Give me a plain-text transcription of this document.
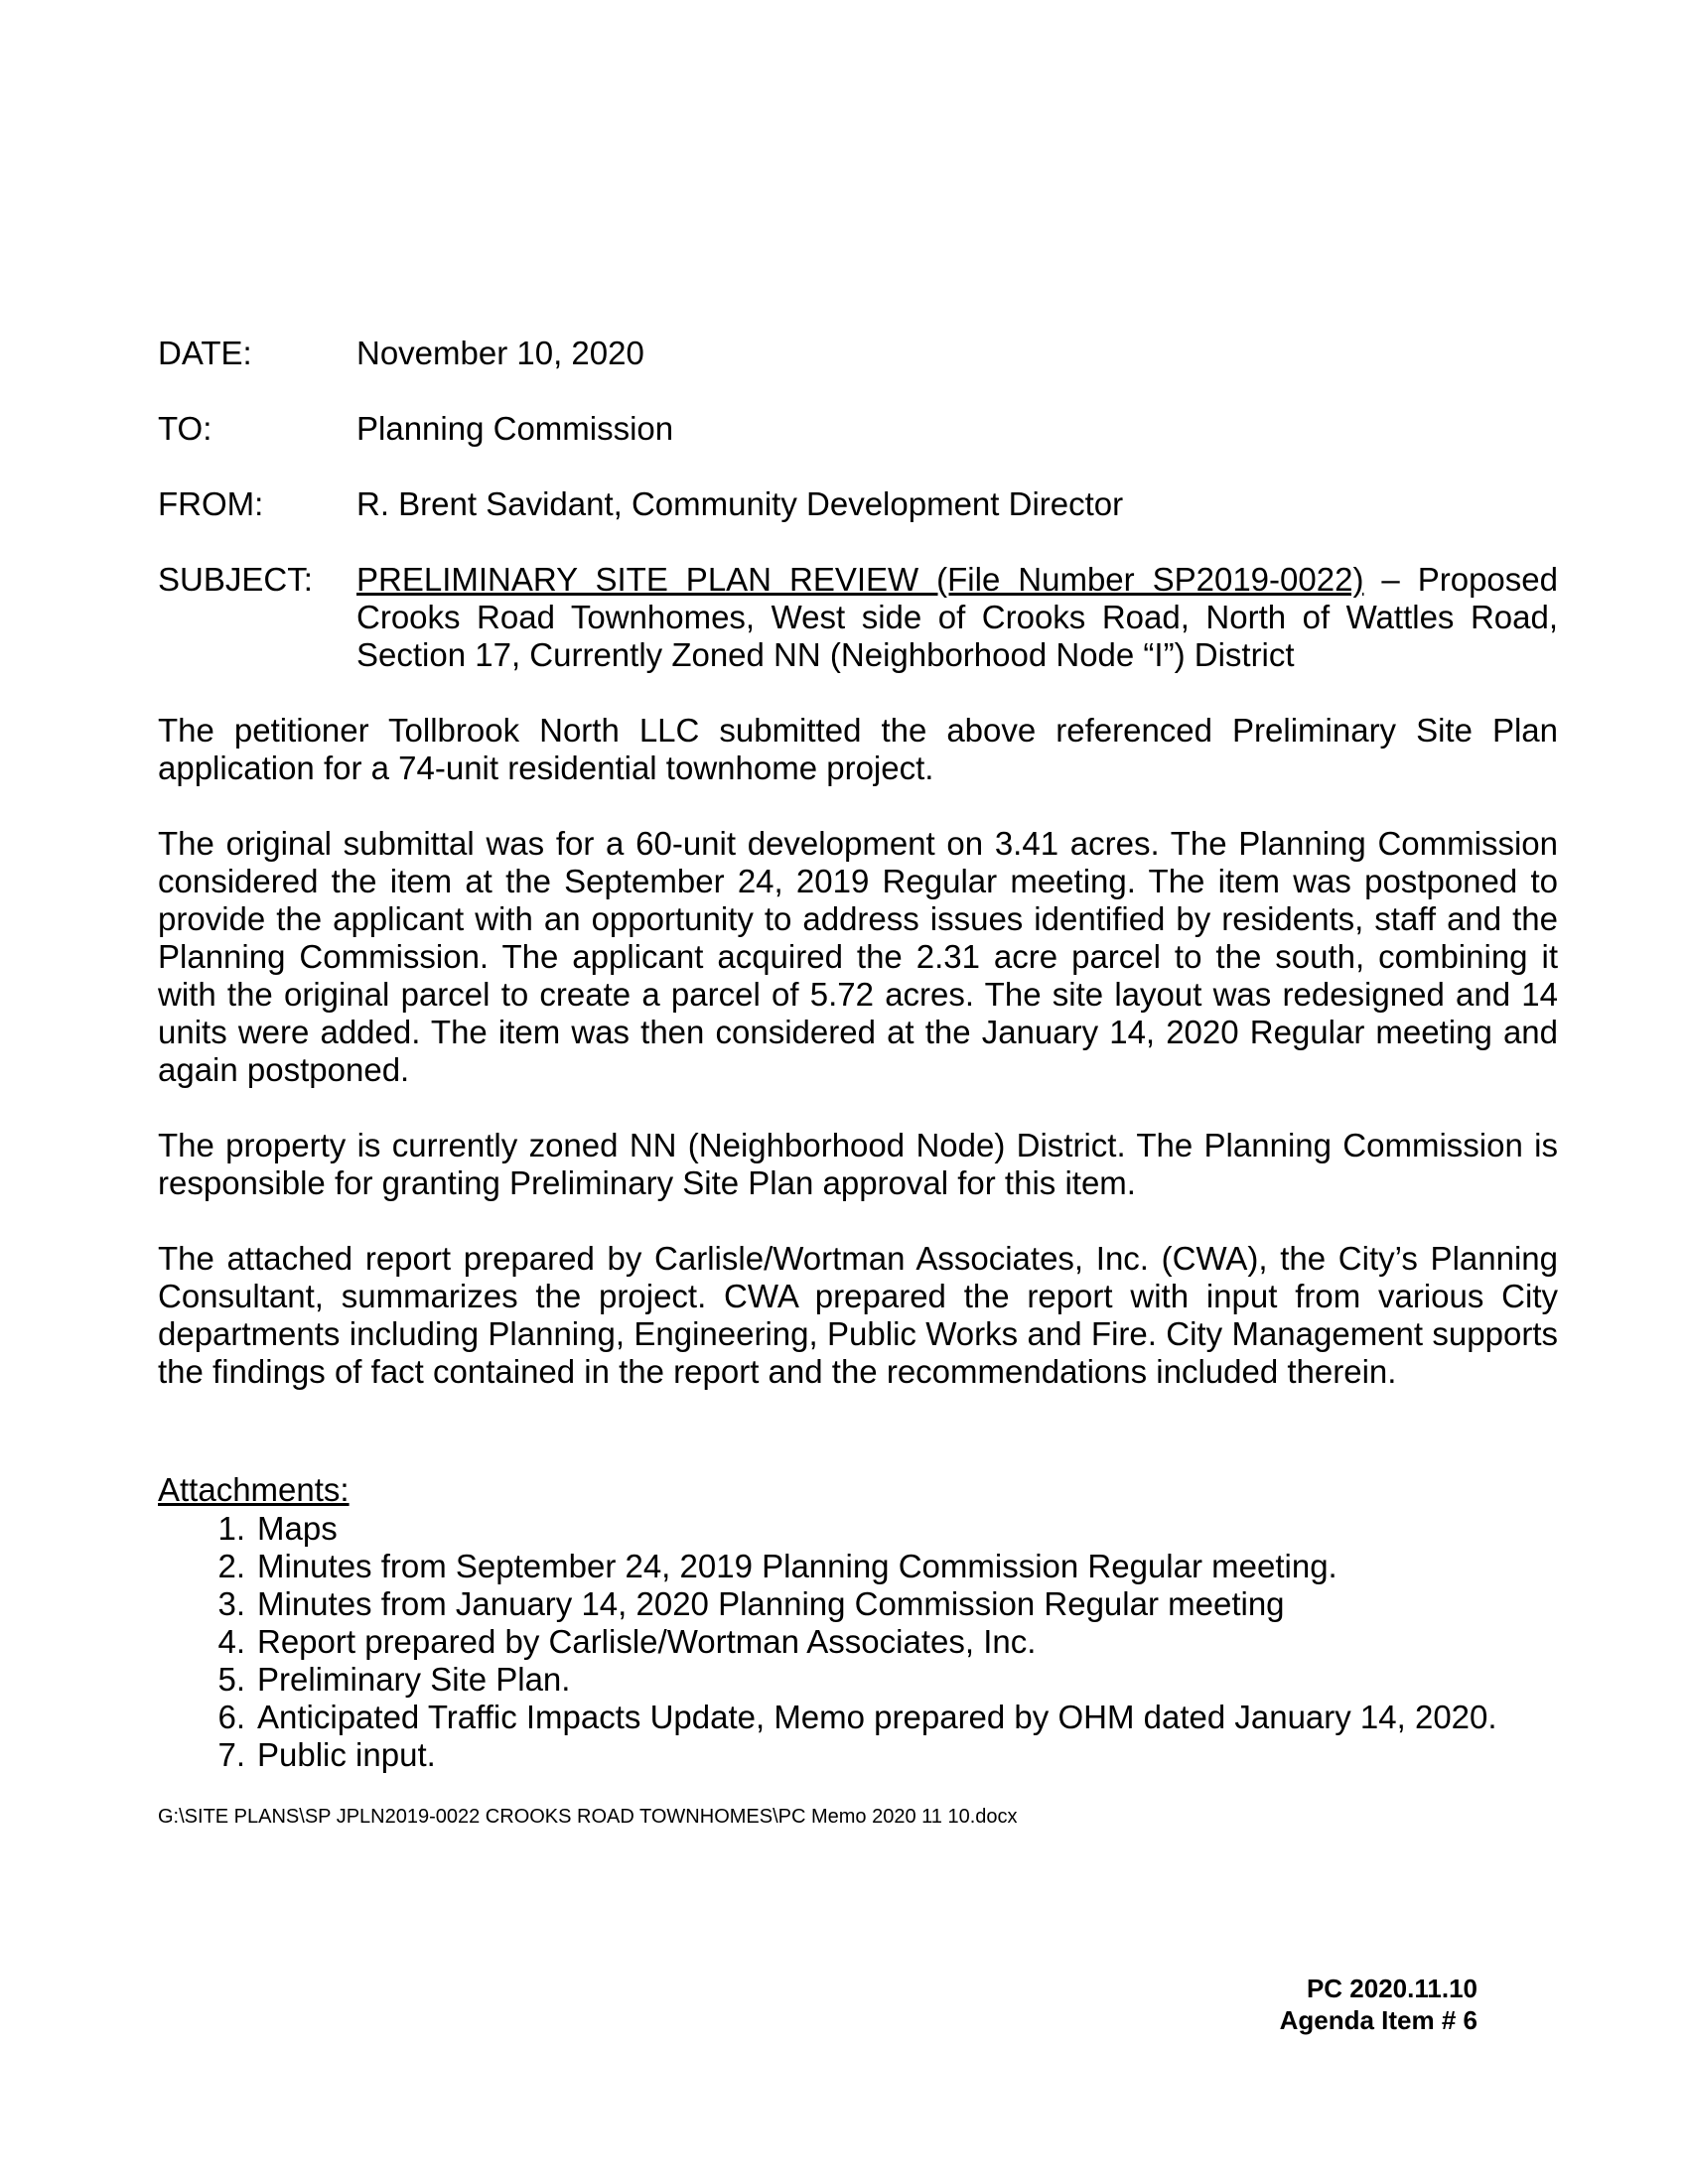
DATE:	November 10, 2020
TO:	Planning Commission
FROM:	R. Brent Savidant, Community Development Director
SUBJECT: PRELIMINARY SITE PLAN REVIEW (File Number SP2019-0022) – Proposed Crooks Road Townhomes, West side of Crooks Road, North of Wattles Road, Section 17, Currently Zoned NN (Neighborhood Node “I”) District

The petitioner Tollbrook North LLC submitted the above referenced Preliminary Site Plan application for a 74-unit residential townhome project.

The original submittal was for a 60-unit development on 3.41 acres. The Planning Commission considered the item at the September 24, 2019 Regular meeting. The item was postponed to provide the applicant with an opportunity to address issues identified by residents, staff and the Planning Commission. The applicant acquired the 2.31 acre parcel to the south, combining it with the original parcel to create a parcel of 5.72 acres. The site layout was redesigned and 14 units were added. The item was then considered at the January 14, 2020 Regular meeting and again postponed.

The property is currently zoned NN (Neighborhood Node) District. The Planning Commission is responsible for granting Preliminary Site Plan approval for this item.

The attached report prepared by Carlisle/Wortman Associates, Inc. (CWA), the City’s Planning Consultant, summarizes the project. CWA prepared the report with input from various City departments including Planning, Engineering, Public Works and Fire. City Management supports the findings of fact contained in the report and the recommendations included therein.

Attachments:

1. Maps
2. Minutes from September 24, 2019 Planning Commission Regular meeting.
3. Minutes from January 14, 2020 Planning Commission Regular meeting
4. Report prepared by Carlisle/Wortman Associates, Inc.
5. Preliminary Site Plan.
6. Anticipated Traffic Impacts Update, Memo prepared by OHM dated January 14, 2020.
7. Public input.
G:\SITE PLANS\SP JPLN2019-0022 CROOKS ROAD TOWNHOMES\PC Memo 2020 11 10.docx
PC 2020.11.10
Agenda Item # 6
